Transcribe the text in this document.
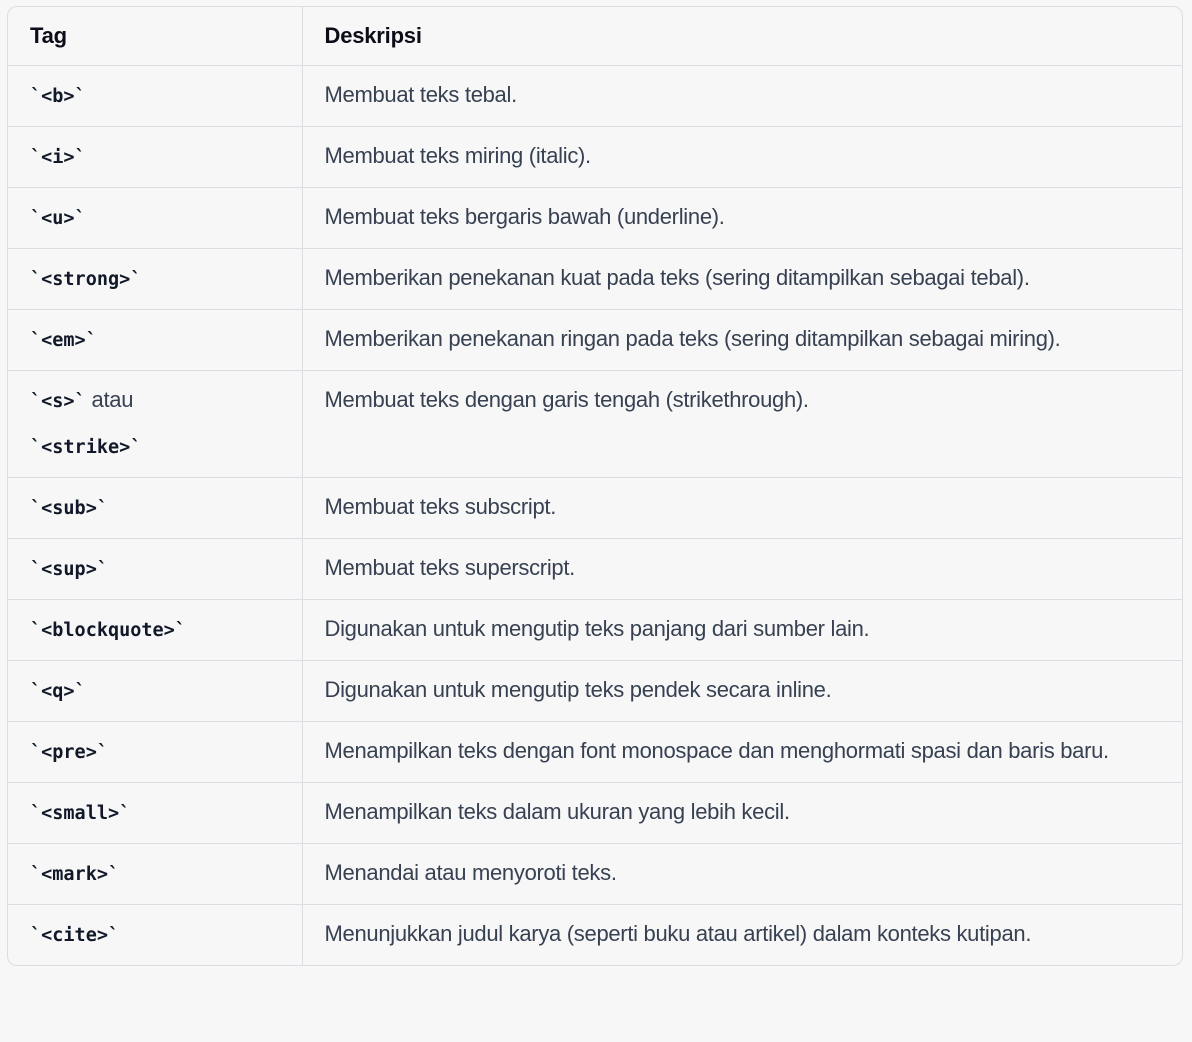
Tag	Deskripsi
`<b>`	Membuat teks tebal.
`<i>`	Membuat teks miring (italic).
`<u>`	Membuat teks bergaris bawah (underline).
`<strong>`	Memberikan penekanan kuat pada teks (sering ditampilkan sebagai tebal).
`<em>`	Memberikan penekanan ringan pada teks (sering ditampilkan sebagai miring).
`<s>` atau
`<strike>`	Membuat teks dengan garis tengah (strikethrough).
`<sub>`	Membuat teks subscript.
`<sup>`	Membuat teks superscript.
`<blockquote>`	Digunakan untuk mengutip teks panjang dari sumber lain.
`<q>`	Digunakan untuk mengutip teks pendek secara inline.
`<pre>`	Menampilkan teks dengan font monospace dan menghormati spasi dan baris baru.
`<small>`	Menampilkan teks dalam ukuran yang lebih kecil.
`<mark>`	Menandai atau menyoroti teks.
`<cite>`	Menunjukkan judul karya (seperti buku atau artikel) dalam konteks kutipan.
